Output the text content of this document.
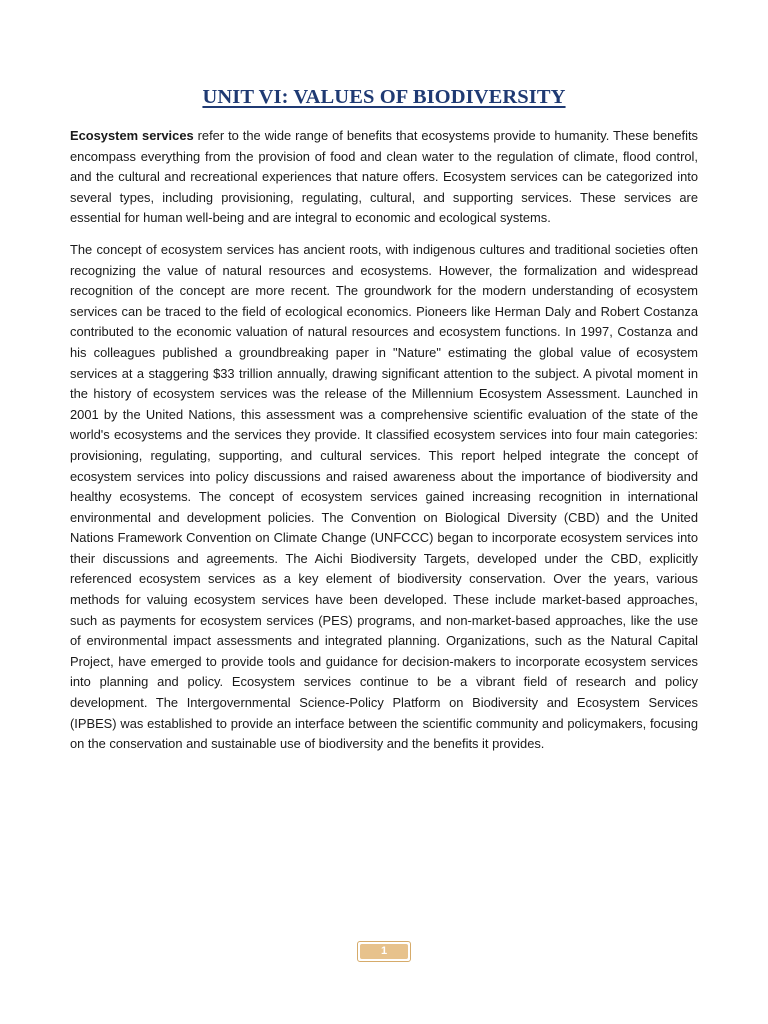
UNIT VI: VALUES OF BIODIVERSITY

Ecosystem services refer to the wide range of benefits that ecosystems provide to humanity. These benefits encompass everything from the provision of food and clean water to the regulation of climate, flood control, and the cultural and recreational experiences that nature offers. Ecosystem services can be categorized into several types, including provisioning, regulating, cultural, and supporting services. These services are essential for human well-being and are integral to economic and ecological systems.

The concept of ecosystem services has ancient roots, with indigenous cultures and traditional societies often recognizing the value of natural resources and ecosystems. However, the formalization and widespread recognition of the concept are more recent. The groundwork for the modern understanding of ecosystem services can be traced to the field of ecological economics. Pioneers like Herman Daly and Robert Costanza contributed to the economic valuation of natural resources and ecosystem functions. In 1997, Costanza and his colleagues published a groundbreaking paper in "Nature" estimating the global value of ecosystem services at a staggering $33 trillion annually, drawing significant attention to the subject. A pivotal moment in the history of ecosystem services was the release of the Millennium Ecosystem Assessment. Launched in 2001 by the United Nations, this assessment was a comprehensive scientific evaluation of the state of the world's ecosystems and the services they provide. It classified ecosystem services into four main categories: provisioning, regulating, supporting, and cultural services. This report helped integrate the concept of ecosystem services into policy discussions and raised awareness about the importance of biodiversity and healthy ecosystems. The concept of ecosystem services gained increasing recognition in international environmental and development policies. The Convention on Biological Diversity (CBD) and the United Nations Framework Convention on Climate Change (UNFCCC) began to incorporate ecosystem services into their discussions and agreements. The Aichi Biodiversity Targets, developed under the CBD, explicitly referenced ecosystem services as a key element of biodiversity conservation. Over the years, various methods for valuing ecosystem services have been developed. These include market-based approaches, such as payments for ecosystem services (PES) programs, and non-market-based approaches, like the use of environmental impact assessments and integrated planning. Organizations, such as the Natural Capital Project, have emerged to provide tools and guidance for decision-makers to incorporate ecosystem services into planning and policy. Ecosystem services continue to be a vibrant field of research and policy development. The Intergovernmental Science-Policy Platform on Biodiversity and Ecosystem Services (IPBES) was established to provide an interface between the scientific community and policymakers, focusing on the conservation and sustainable use of biodiversity and the benefits it provides.

1
